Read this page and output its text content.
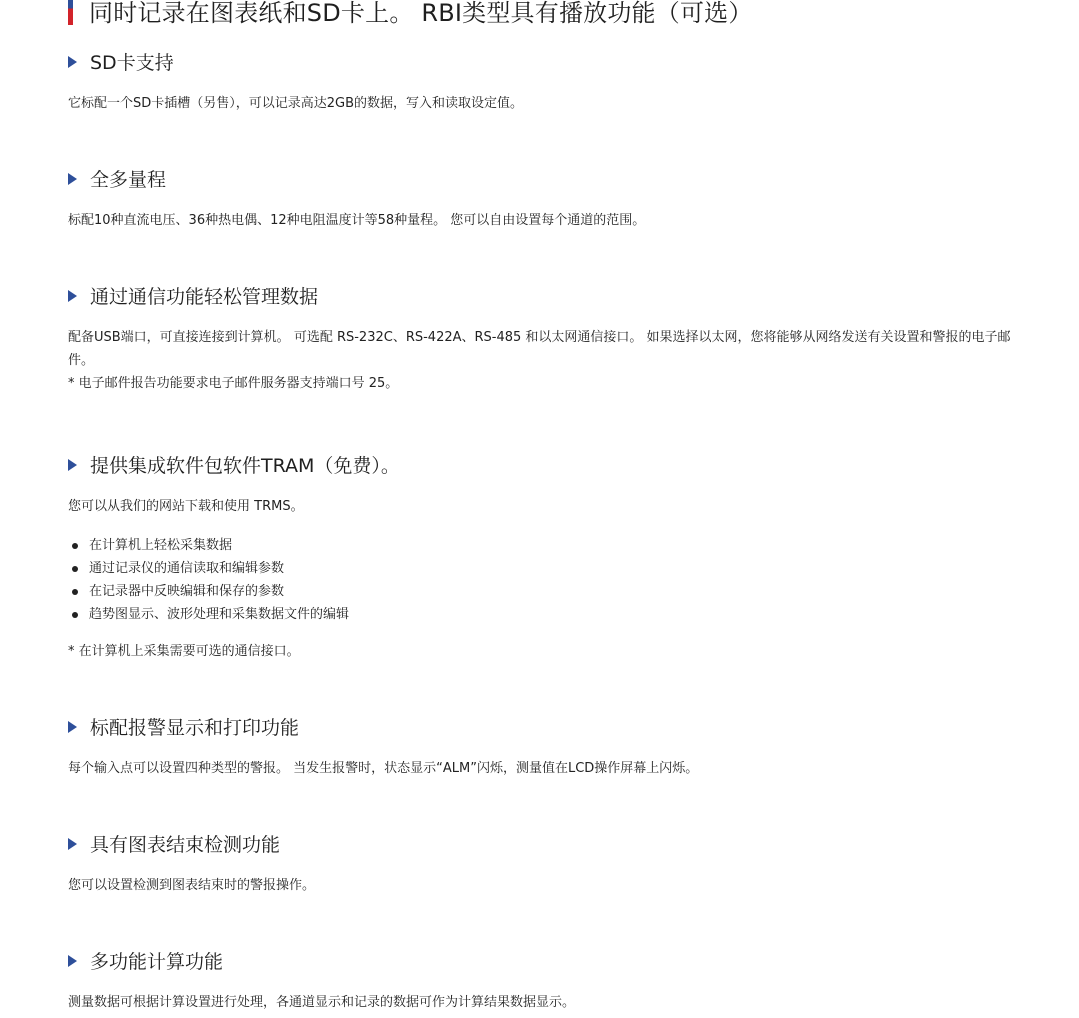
同时记录在图表纸和SD卡上。 RBI类型具有播放功能（可选）
SD卡支持

它标配一个SD卡插槽（另售），可以记录高达2GB的数据，写入和读取设定值。

全多量程

标配10种直流电压、36种热电偶、12种电阻温度计等58种量程。 您可以自由设置每个通道的范围。

通过通信功能轻松管理数据

配备USB端口，可直接连接到计算机。 可选配 RS-232C、RS-422A、RS-485 和以太网通信接口。 如果选择以太网，您将能够从网络发送有关设置和警报的电子邮

件。

* 电子邮件报告功能要求电子邮件服务器支持端口号 25。

提供集成软件包软件TRAM（免费）。

您可以从我们的网站下载和使用 TRMS。

在计算机上轻松采集数据
通过记录仪的通信读取和编辑参数
在记录器中反映编辑和保存的参数
趋势图显示、波形处理和采集数据文件的编辑
* 在计算机上采集需要可选的通信接口。
标配报警显示和打印功能

每个输入点可以设置四种类型的警报。 当发生报警时，状态显示“ALM”闪烁，测量值在LCD操作屏幕上闪烁。

具有图表结束检测功能

您可以设置检测到图表结束时的警报操作。

多功能计算功能

测量数据可根据计算设置进行处理，各通道显示和记录的数据可作为计算结果数据显示。
